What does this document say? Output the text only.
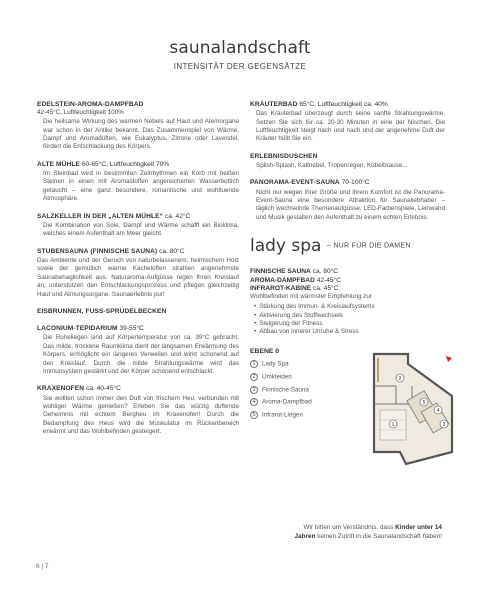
saunalandschaft
INTENSITÄT DER GEGENSÄTZE
EDELSTEIN-AROMA-DAMPFBAD
42-45°C, Luftfeuchtigkeit 100%
Die heilsame Wirkung des warmen Nebels auf Haut und Atemorgane war schon in der Antike bekannt. Das Zusammenspiel von Wärme, Dampf und Aromadüften, wie Eukalyptus, Zitrone oder Lavendel, fördert die Entschlackung des Körpers.
ALTE MÜHLE 60-65°C, Luftfeuchtigkeit 70%
Im Steinbad wird in bestimmten Zeitrhythmen ein Korb mit heißen Steinen in einen mit Aromastoffen angereicherten Wasserbottich getaucht – eine ganz besondere, romantische und wohltuende Atmosphäre.
SALZKELLER IN DER „ALTEN MÜHLE“ ca. 42°C
Die Kombination von Sole, Dampf und Wärme schafft ein Bioklima, welches einem Aufenthalt am Meer gleicht.
STUBENSAUNA (FINNISCHE SAUNA) ca. 80°C
Das Ambiente und der Geruch von naturbelassenem, heimischem Holz sowie der gemütlich warme Kacheloften strahlen angenehmste Saunabehaglichkeit aus. Naturaroma-Aufgüsse regen Ihren Kreislauf an, unterstützen den Entschlackungsprozess und pflegen gleichzeitig Haut und Atmungsorgane. Saunaerlebnis pur!
EISBRUNNEN, FUSS-SPRUDELBECKEN
LACONIUM-TEPIDARIUM 39-55°C
Die Ruheliegen sind auf Körpertemperatur von ca. 39°C gebracht. Das milde, trockene Raumklima dient der langsamen Erwärmung des Körpers, ermöglicht ein längeres Verweilen und wirkt schonend auf den Kreislauf. Durch die milde Strahlungswärme wird das Immunsystem gestärkt und der Körper schonend entschlackt.
KRAXENOFEN ca. 40-45°C
Sie wollten schon immer den Duft von frischem Heu, verbunden mit wohliger Wärme genießen? Erleben Sie das würzig duftende Geheimnis mit echtem Bergheu im Kraxenofen! Durch die Bedampfung des Heus wird die Muskulatur im Rückenbereich erwärmt und das Wohlbefinden gesteigert.
KRÄUTERBAD 65°C, Luftfeuchtigkeit ca. 40%
Das Kräuterbad überzeugt durch seine sanfte Strahlungswärme. Setzen Sie sich für ca. 20-30 Minuten in eine der Nischen. Die Luftfeuchtigkeit steigt nach und nach und der angenehme Duft der Kräuter hüllt Sie ein.
ERLEBNISDUSCHEN
Splish-Splash, Kaltnebel, Tropenregen, Kübelbrause...
PANORAMA-EVENT-SAUNA 70-100°C
Nicht nur wegen ihrer Größe und ihrem Komfort ist die Panorama-Event-Sauna eine besondere Attraktion für Saunaliebhaber – täglich wechselnde Themenaufgüsse, LED-Farbenspiele, Leinwand und Musik gestalten den Aufenthalt zu einem echten Erlebnis.
lady spa – NUR FÜR DIE DAMEN
FINNISCHE SAUNA ca. 80°C
AROMA-DAMPFBAD 42-45°C
INFRAROT-KABINE ca. 45°C
Wohlbefinden mit wärmster Empfehlung zur
• Stärkung des Immun- & Kreislaufsystems
• Aktivierung des Stoffwechsels
• Steigerung der Fitness
• Abbau von innerer Unruhe & Stress
EBENE 0
1 Lady Spa
2 Umkleiden
3 Finnische Sauna
4 Aroma-Dampfbad
5 Infrarot-Liegen
2
5
4
3
1
Wir bitten um Verständnis, dass Kinder unter 14
Jahren keinen Zutritt in die Saunalandschaft haben!
6 | 7
